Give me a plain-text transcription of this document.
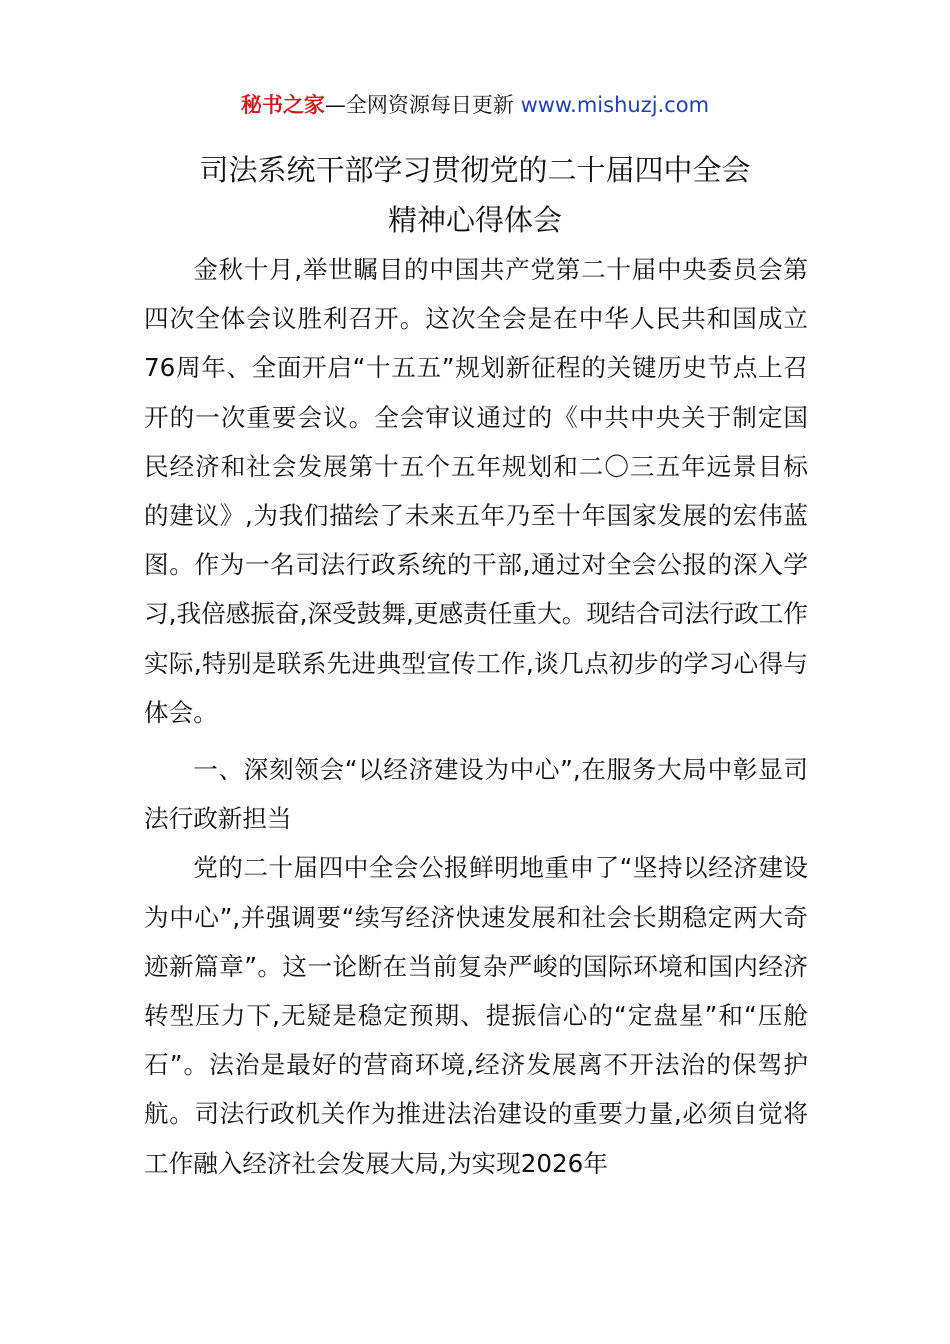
秘书之家—全网资源每日更新 www.mishuzj.com
司法系统干部学习贯彻党的二十届四中全会
精神心得体会

金秋十月,举世瞩目的中国共产党第二十届中央委员会第四次全体会议胜利召开。这次全会是在中华人民共和国成立76周年、全面开启“十五五”规划新征程的关键历史节点上召开的一次重要会议。全会审议通过的《中共中央关于制定国民经济和社会发展第十五个五年规划和二〇三五年远景目标的建议》,为我们描绘了未来五年乃至十年国家发展的宏伟蓝图。作为一名司法行政系统的干部,通过对全会公报的深入学习,我倍感振奋,深受鼓舞,更感责任重大。现结合司法行政工作实际,特别是联系先进典型宣传工作,谈几点初步的学习心得与体会。

一、深刻领会“以经济建设为中心”,在服务大局中彰显司法行政新担当

党的二十届四中全会公报鲜明地重申了“坚持以经济建设为中心”,并强调要“续写经济快速发展和社会长期稳定两大奇迹新篇章”。这一论断在当前复杂严峻的国际环境和国内经济转型压力下,无疑是稳定预期、提振信心的“定盘星”和“压舱石”。法治是最好的营商环境,经济发展离不开法治的保驾护航。司法行政机关作为推进法治建设的重要力量,必须自觉将工作融入经济社会发展大局,为实现2026年
